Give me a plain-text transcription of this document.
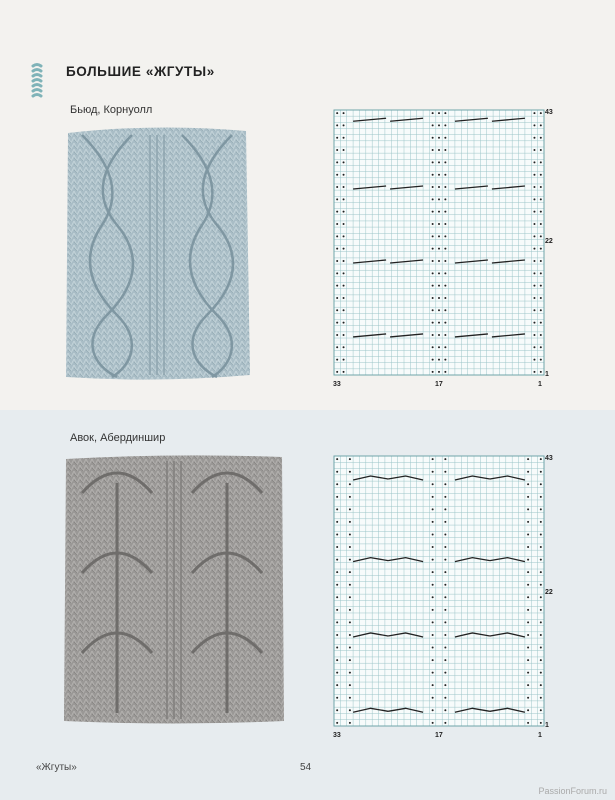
БОЛЬШИЕ «ЖГУТЫ»
Бьюд, Корнуолл	43
22
1
33	17	1
Авок, Абердиншир
43
22
1
33	17	1
«Жгуты»	54
PassionForum.ru
